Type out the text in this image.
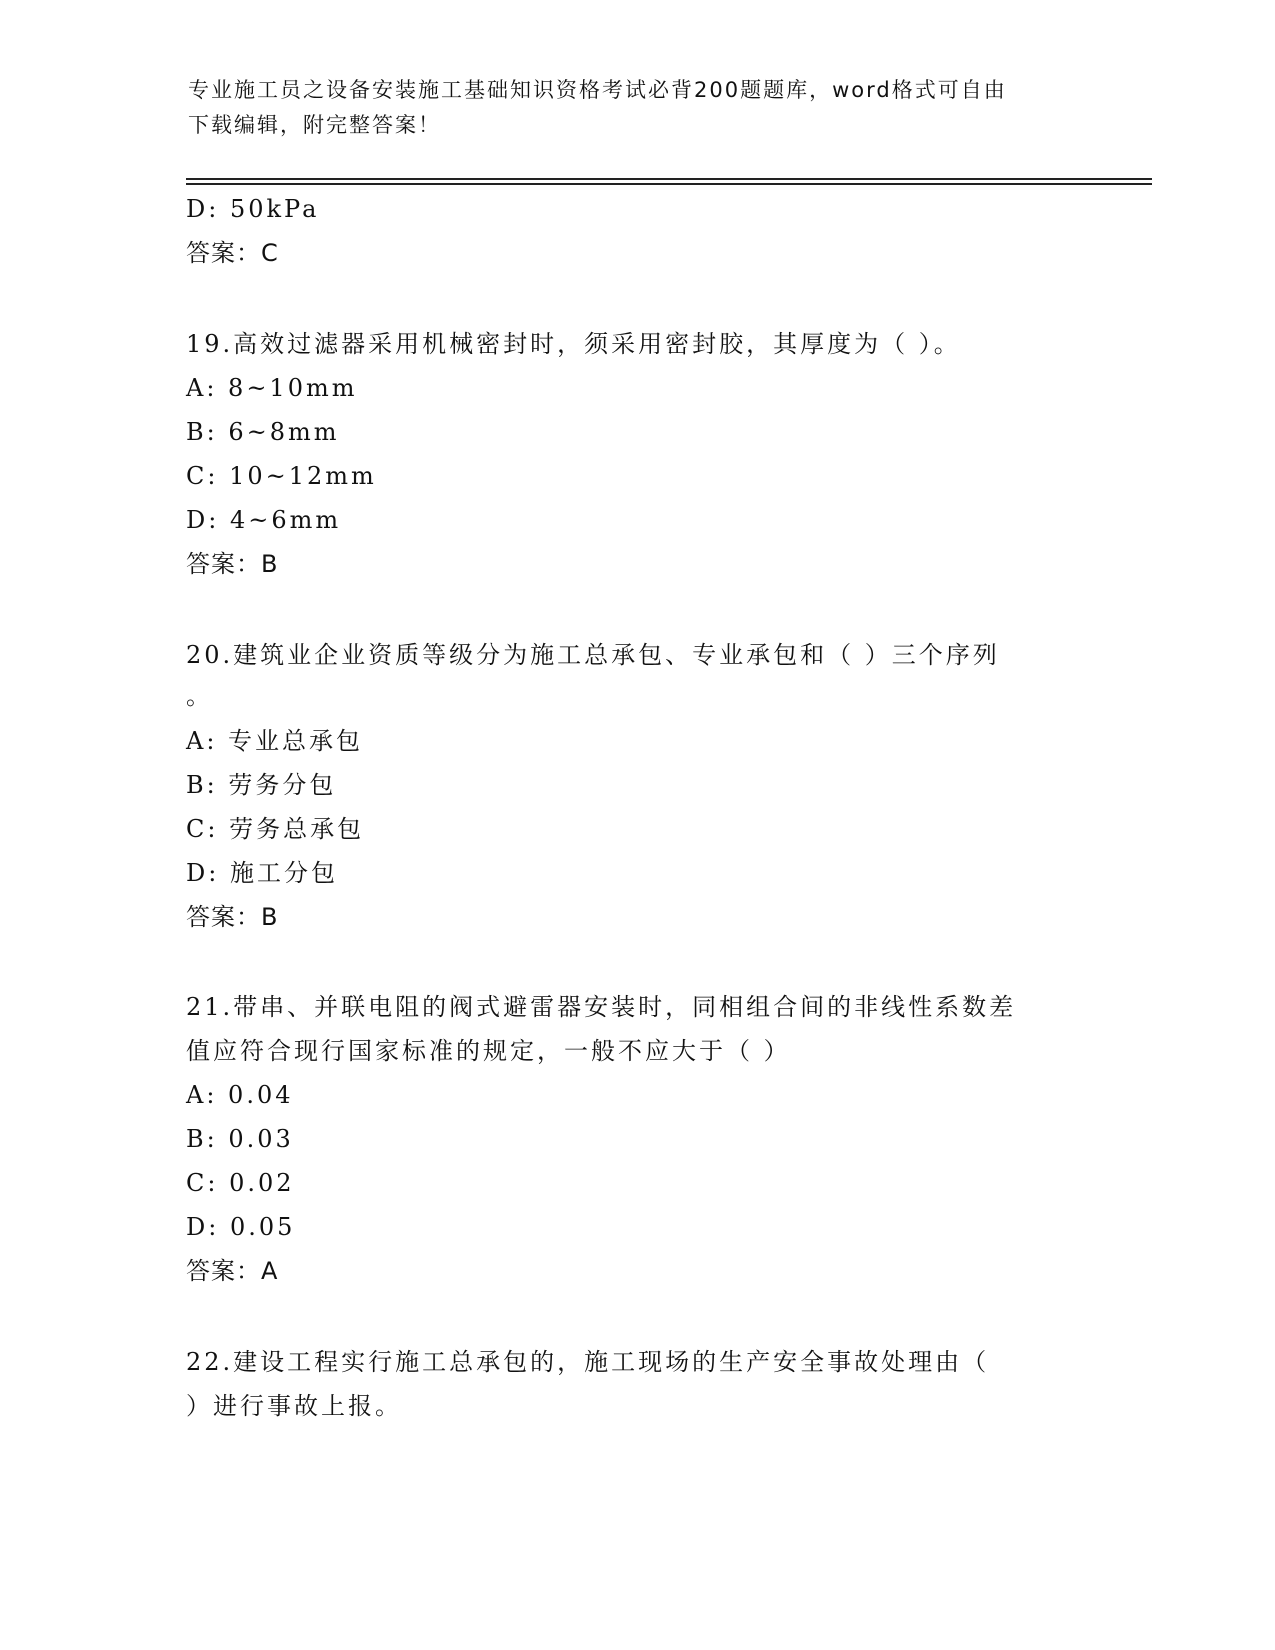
专业施工员之设备安装施工基础知识资格考试必背200题题库，word格式可自由
下载编辑，附完整答案！
D: 50kPa
答案：C
19.高效过滤器采用机械密封时，须采用密封胶，其厚度为（ ）。
A: 8~10mm
B: 6~8mm
C: 10~12mm
D: 4~6mm
答案：B
20.建筑业企业资质等级分为施工总承包、专业承包和（ ）三个序列
。
A: 专业总承包
B: 劳务分包
C: 劳务总承包
D: 施工分包
答案：B
21.带串、并联电阻的阀式避雷器安装时，同相组合间的非线性系数差
值应符合现行国家标准的规定，一般不应大于（ ）
A: 0.04
B: 0.03
C: 0.02
D: 0.05
答案：A
22.建设工程实行施工总承包的，施工现场的生产安全事故处理由（
）进行事故上报。
